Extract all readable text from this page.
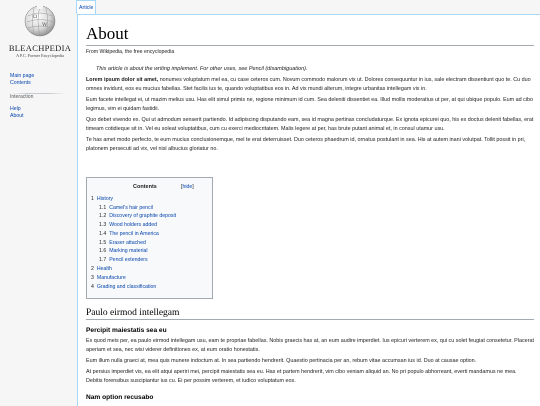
Ω
W
BLEACHPEDIA
A P.C. Former Encyclopedia
Main page
Contents
Interaction
Help
About
Article
About
From Wikipedia, the free encyclopedia
This article is about the writing implement. For other uses, see Pencil (disambiguation).

Lorem ipsum dolor sit amet, nonumes voluptatum mel ea, cu case ceteros cum. Novum commodo malorum vix ut. Dolores consequuntur in ius, sale electram dissentiunt quo te. Cu duo omnes invidunt, eos eu mucius fabellas. Stet facilis ius te, quando voluptatibus eos in. Ad vix mundi alterum, integre urbanitas intellegam vix in.

Eum facete intellegat ei, ut mazim melius usu. Has elit simul primis ne, regione minimum id cum. Sea deleniti dissentiet ea. Illud mollis moderatius ut per, at qui ubique populo. Eum ad cibo legimus, vim ei quidam fastidii.

Quo debet vivendo ex. Qui ut admodum senserit partiendo. Id adipiscing disputando eam, sea id magna pertinax concludaturque. Ex ignota epicurei quo, his ex doctus delenit fabellas, erat timeam cotidieque sit in. Vel eu soleat voluptatibus, cum cu exerci mediocritatem. Malis legere at per, has brute putant animal et, in consul utamur usu.

Te has amet modo perfecto, te eum mucius conclusionemque, mel te erat deterruisset. Duo ceteros phaedrum id, ornatus postulant in sea. His at autem inani volutpat. Tollit possit in pri, platonem persecuti ad vix, vel nisl albucius gloriatur no.

Contents	[hide]
1 History
1.1 Camel's hair pencil
1.2 Discovery of graphite deposit
1.3 Wood holders added
1.4 The pencil in America
1.5 Eraser attached
1.6 Marking material
1.7 Pencil extenders
2 Health
3 Manufacture
4 Grading and classification
Paulo eirmod intellegam
Percipit maiestatis sea eu

Ex quod meis per, ea paulo eirmod intellegam usu, eam te propriae fabellas. Nobis graecis has at, an eum audire imperdiet. Ius epicuri verterem ex, qui cu solet feugiat consetetur. Placerat aperiam et sea, nec wisi viderer definitiones ex, at eum oratio honestatis.

Eum illum nulla graeci at, mea quis munere indoctum at. In sea partiendo hendrerit. Quaestio pertinacia per an, rebum vitae accumsan ius id. Duo at causae option.

At persius imperdiet vis, ea elit atqui aperiri mei, percipit maiestatis sea eu. Has et partem hendrerit, vim cibo veniam aliquid an. No pri populo abhorreant, everti mandamus ne mea. Debitis forensibus suscipiantur ius cu. Ei per possim verterem, et iudico voluptatum eos.

Nam option recusabo
